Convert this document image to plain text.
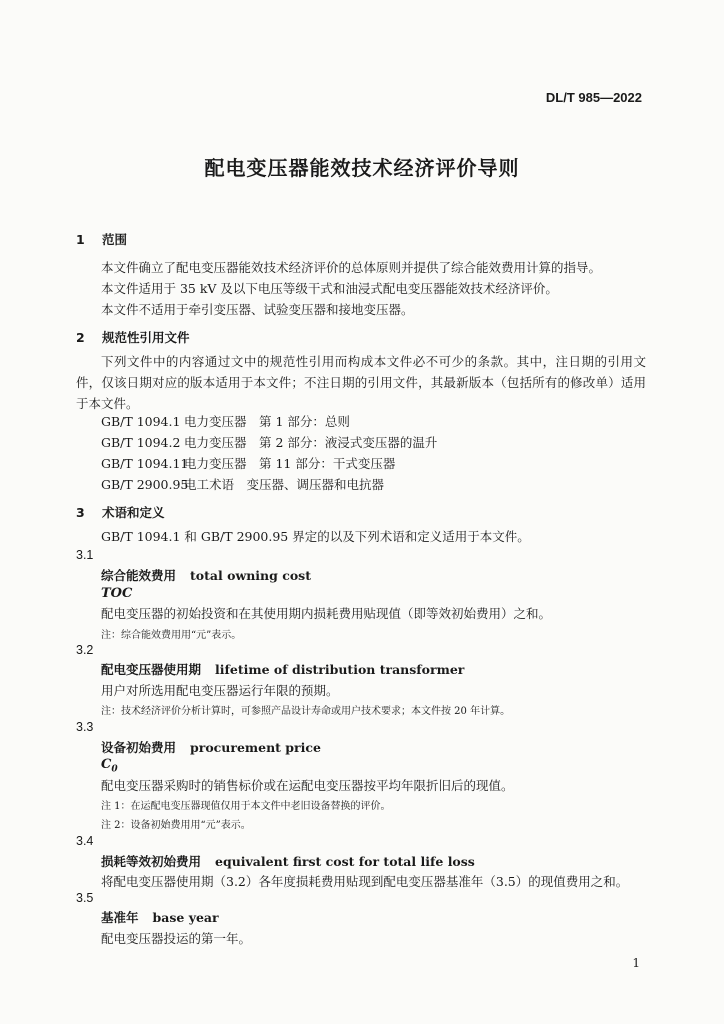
DL/T 985—2022
配电变压器能效技术经济评价导则
1 范围
本文件确立了配电变压器能效技术经济评价的总体原则并提供了综合能效费用计算的指导。
本文件适用于 35 kV 及以下电压等级干式和油浸式配电变压器能效技术经济评价。
本文件不适用于牵引变压器、试验变压器和接地变压器。
2 规范性引用文件
下列文件中的内容通过文中的规范性引用而构成本文件必不可少的条款。其中，注日期的引用文件，仅该日期对应的版本适用于本文件；不注日期的引用文件，其最新版本（包括所有的修改单）适用于本文件。
GB/T 1094.1 电力变压器　第 1 部分：总则
GB/T 1094.2 电力变压器　第 2 部分：液浸式变压器的温升
GB/T 1094.11电力变压器　第 11 部分：干式变压器
GB/T 2900.95电工术语　变压器、调压器和电抗器
3 术语和定义
GB/T 1094.1 和 GB/T 2900.95 界定的以及下列术语和定义适用于本文件。
3.1
综合能效费用 total owning cost
TOC
配电变压器的初始投资和在其使用期内损耗费用贴现值（即等效初始费用）之和。
注：综合能效费用用“元”表示。
3.2
配电变压器使用期 lifetime of distribution transformer
用户对所选用配电变压器运行年限的预期。
注：技术经济评价分析计算时，可参照产品设计寿命或用户技术要求；本文件按 20 年计算。
3.3
设备初始费用 procurement price
$C_0$
配电变压器采购时的销售标价或在运配电变压器按平均年限折旧后的现值。
注 1：在运配电变压器现值仅用于本文件中老旧设备替换的评价。
注 2：设备初始费用用“元”表示。
3.4
损耗等效初始费用 equivalent first cost for total life loss
将配电变压器使用期（3.2）各年度损耗费用贴现到配电变压器基准年（3.5）的现值费用之和。
3.5
基准年 base year
配电变压器投运的第一年。
1
